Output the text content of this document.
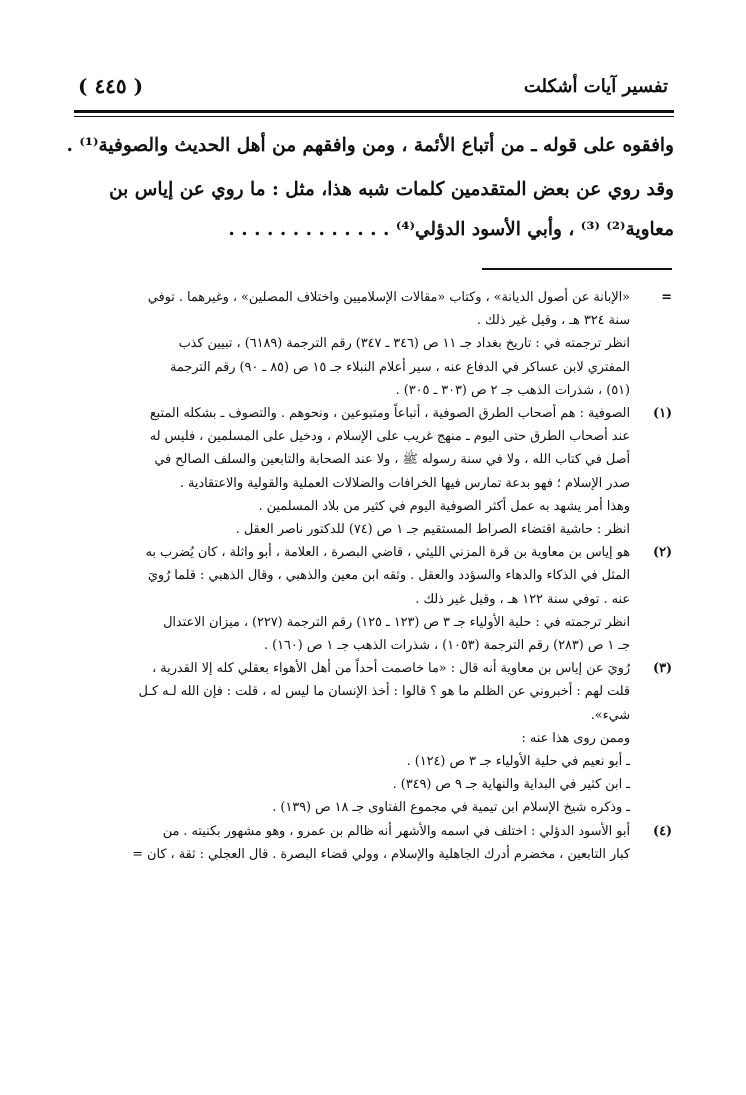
( ٤٤٥ )	تفسير آيات أشكلت
وافقوه على قوله ـ من أتباع الأئمة ، ومن وافقهم من أهل الحديث والصوفية⁽¹⁾ .
وقد روي عن بعض المتقدمين كلمات شبه هذا، مثل : ما روي عن إياس بن
معاوية⁽²⁾ ⁽³⁾ ، وأبي الأسود الدؤلي⁽⁴⁾ . . . . . . . . . . . . .
=
«الإبانة عن أصول الديانة» ، وكتاب «مقالات الإسلاميين واختلاف المصلين» ، وغيرهما . توفي
سنة ٣٢٤ هـ ، وقيل غير ذلك .
انظر ترجمته في : تاريخ بغداد جـ ١١ ص (٣٤٦ ـ ٣٤٧) رقم الترجمة (٦١٨٩) ، تبيين كذب
المفتري لابن عساكر في الدفاع عنه ، سير أعلام النبلاء جـ ١٥ ص (٨٥ ـ ٩٠) رقم الترجمة
(٥١) ، شذرات الذهب جـ ٢ ص (٣٠٣ ـ ٣٠٥) .
(١)
الصوفية : هم أصحاب الطرق الصوفية ، أتباعاً ومتبوعين ، ونحوهم . والتصوف ـ بشكله المتبع
عند أصحاب الطرق حتى اليوم ـ منهج غريب على الإسلام ، ودخيل على المسلمين ، فليس له
أصل في كتاب الله ، ولا في سنة رسوله ﷺ ، ولا عند الصحابة والتابعين والسلف الصالح في
صدر الإسلام ؛ فهو بدعة تمارس فيها الخرافات والضلالات العملية والقولية والاعتقادية .
وهذا أمر يشهد به عمل أكثر الصوفية اليوم في كثير من بلاد المسلمين .
انظر : حاشية اقتضاء الصراط المستقيم جـ ١ ص (٧٤) للدكتور ناصر العقل .
(٢)
هو إياس بن معاوية بن قرة المزني الليثي ، قاضي البصرة ، العلامة ، أبو واثلة ، كان يُضرب به
المثل في الذكاء والدهاء والسؤدد والعقل . وثقه ابن معين والذهبي ، وقال الذهبي : قلما رُويَ
عنه . توفي سنة ١٢٢ هـ ، وقيل غير ذلك .
انظر ترجمته في : حلية الأولياء جـ ٣ ص (١٢٣ ـ ١٢٥) رقم الترجمة (٢٢٧) ، ميزان الاعتدال
جـ ١ ص (٢٨٣) رقم الترجمة (١٠٥٣) ، شذرات الذهب جـ ١ ص (١٦٠) .
(٣)
رُويَ عن إياس بن معاوية أنه قال : «ما خاصمت أحداً من أهل الأهواء بعقلي كله إلا القدرية ،
قلت لهم : أخبروني عن الظلم ما هو ؟ قالوا : أخذ الإنسان ما ليس له ، قلت : فإن الله لـه كـل
شيء».
وممن روى هذا عنه :
ـ أبو نعيم في حلية الأولياء جـ ٣ ص (١٢٤) .
ـ ابن كثير في البداية والنهاية جـ ٩ ص (٣٤٩) .
ـ وذكره شيخ الإسلام ابن تيمية في مجموع الفتاوى جـ ١٨ ص (١٣٩) .
(٤)
أبو الأسود الدؤلي : اختلف في اسمه والأشهر أنه ظالم بن عمرو ، وهو مشهور بكنيته . من
كبار التابعين ، مخضرم أدرك الجاهلية والإسلام ، وولي قضاء البصرة . قال العجلي : ثقة ، كان =
